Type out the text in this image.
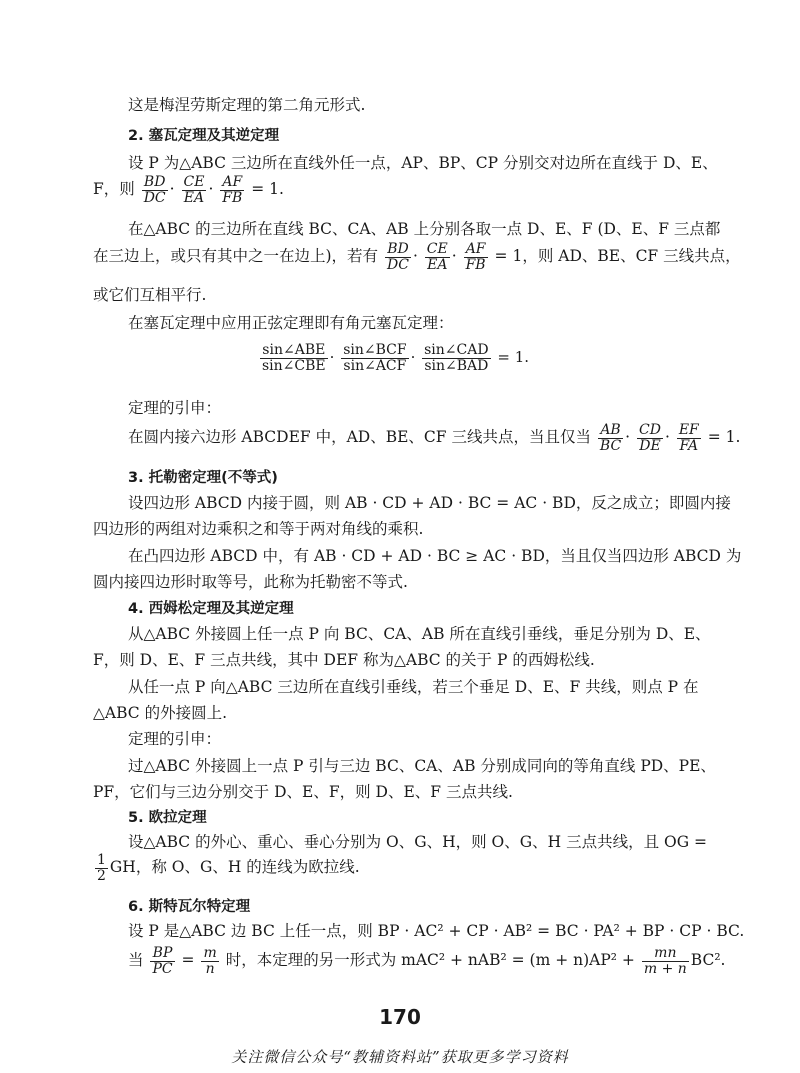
这是梅涅劳斯定理的第二角元形式.
2. 塞瓦定理及其逆定理
设 P 为△ABC 三边所在直线外任一点，AP、BP、CP 分别交对边所在直线于 D、E、
F，则 $\frac{BD}{DC} \cdot \frac{CE}{EA} \cdot \frac{AF}{FB} = 1$.
在△ABC 的三边所在直线 BC、CA、AB 上分别各取一点 D、E、F (D、E、F 三点都
在三边上，或只有其中之一在边上)，若有 $\frac{BD}{DC} \cdot \frac{CE}{EA} \cdot \frac{AF}{FB} = 1$，则 AD、BE、CF 三线共点，
或它们互相平行.
在塞瓦定理中应用正弦定理即有角元塞瓦定理：
$\frac{\text{sin∠ABE}}{\text{sin∠CBE}} \cdot \frac{\text{sin∠BCF}}{\text{sin∠ACF}} \cdot \frac{\text{sin∠CAD}}{\text{sin∠BAD}} = 1$.
定理的引申：
在圆内接六边形 ABCDEF 中，AD、BE、CF 三线共点，当且仅当 $\frac{AB}{BC} \cdot \frac{CD}{DE} \cdot \frac{EF}{FA} = 1$.
3. 托勒密定理(不等式)
设四边形 ABCD 内接于圆，则 AB · CD + AD · BC = AC · BD，反之成立；即圆内接
四边形的两组对边乘积之和等于两对角线的乘积.
在凸四边形 ABCD 中，有 AB · CD + AD · BC ≥ AC · BD，当且仅当四边形 ABCD 为
圆内接四边形时取等号，此称为托勒密不等式.
4. 西姆松定理及其逆定理
从△ABC 外接圆上任一点 P 向 BC、CA、AB 所在直线引垂线，垂足分别为 D、E、
F，则 D、E、F 三点共线，其中 DEF 称为△ABC 的关于 P 的西姆松线.
从任一点 P 向△ABC 三边所在直线引垂线，若三个垂足 D、E、F 共线，则点 P 在
△ABC 的外接圆上.
定理的引申：
过△ABC 外接圆上一点 P 引与三边 BC、CA、AB 分别成同向的等角直线 PD、PE、
PF，它们与三边分别交于 D、E、F，则 D、E、F 三点共线.
5. 欧拉定理
设△ABC 的外心、重心、垂心分别为 O、G、H，则 O、G、H 三点共线，且 OG =
$\frac{1}{2}$ GH，称 O、G、H 的连线为欧拉线.
6. 斯特瓦尔特定理
设 P 是△ABC 边 BC 上任一点，则 BP · AC² + CP · AB² = BC · PA² + BP · CP · BC.
当 $\frac{BP}{PC} = \frac{m}{n}$ 时，本定理的另一形式为 $mAC^2 + nAB^2 = (m + n)AP^2 + \frac{mn}{m + n} BC^2$.
170
关注微信公众号“教辅资料站”获取更多学习资料
